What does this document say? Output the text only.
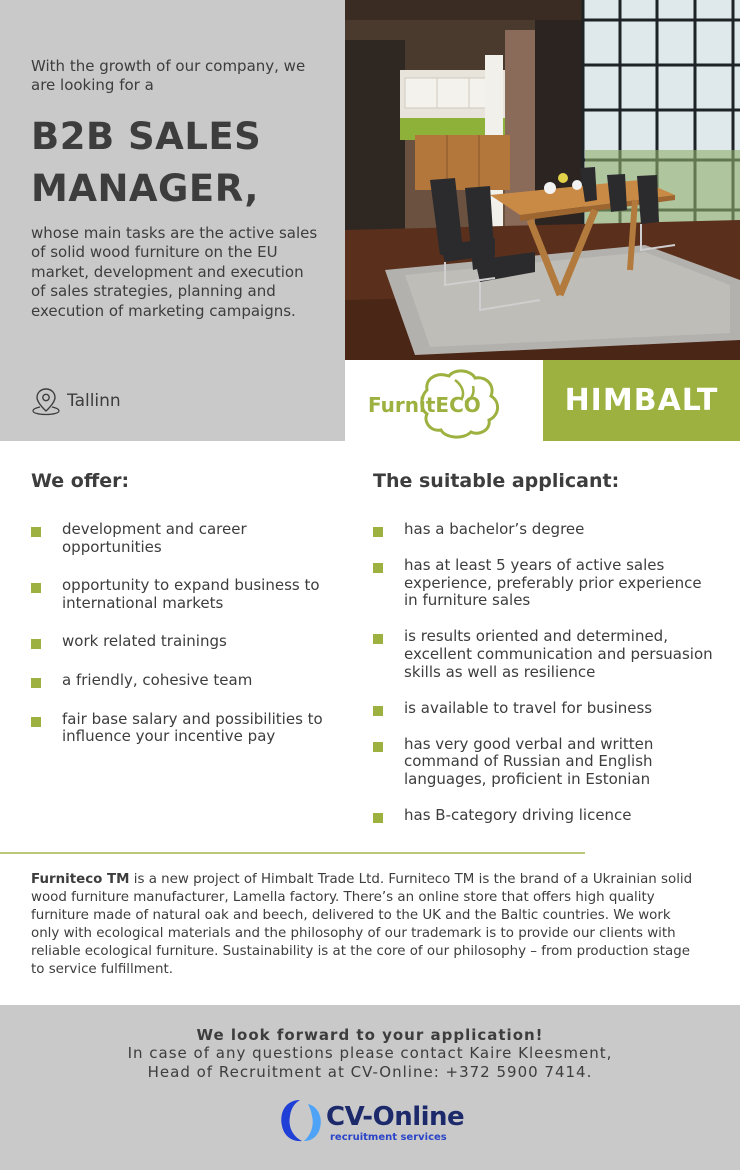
With the growth of our company, we are looking for a

B2B SALES
MANAGER,

whose main tasks are the active sales of solid wood furniture on the EU market, development and execution of sales strategies, planning and execution of marketing campaigns.

Tallinn	FurnitECO	HIMBALT
We offer:
development and career opportunities
opportunity to expand business to international markets
work related trainings
a friendly, cohesive team
fair base salary and possibilities to influence your incentive pay
The suitable applicant:
has a bachelor’s degree
has at least 5 years of active sales experience, preferably prior experience in furniture sales
is results oriented and determined, excellent communication and persuasion skills as well as resilience
is available to travel for business
has very good verbal and written command of Russian and English languages, proficient in Estonian
has B-category driving licence

Furniteco TM is a new project of Himbalt Trade Ltd. Furniteco TM is the brand of a Ukrainian solid wood furniture manufacturer, Lamella factory. There’s an online store that offers high quality furniture made of natural oak and beech, delivered to the UK and the Baltic countries. We work only with ecological materials and the philosophy of our trademark is to provide our clients with reliable ecological furniture. Sustainability is at the core of our philosophy – from production stage to service fulfillment.

We look forward to your application!

In case of any questions please contact Kaire Kleesment,

Head of Recruitment at CV-Online: +372 5900 7414.

CV-Online
recruitment services
